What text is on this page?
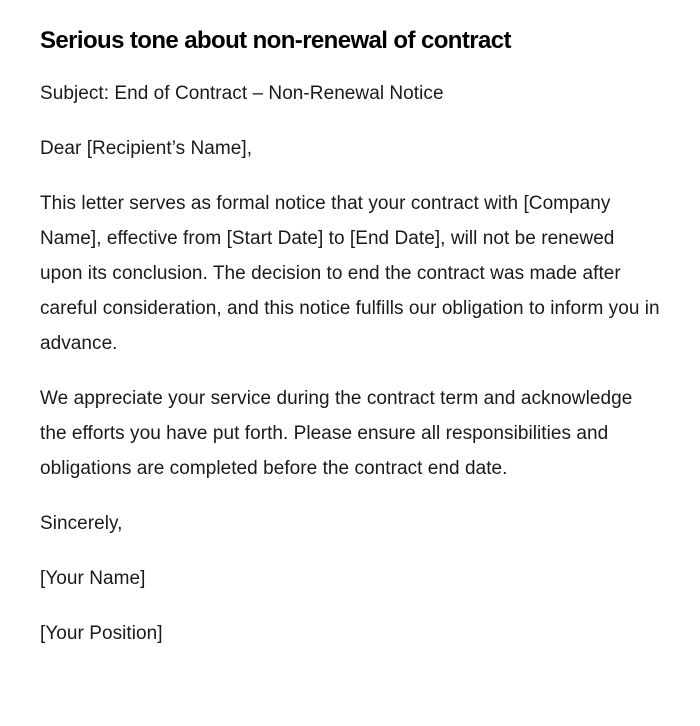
Serious tone about non-renewal of contract

Subject: End of Contract – Non-Renewal Notice

Dear [Recipient’s Name],

This letter serves as formal notice that your contract with [Company Name], effective from [Start Date] to [End Date], will not be renewed upon its conclusion. The decision to end the contract was made after careful consideration, and this notice fulfills our obligation to inform you in advance.

We appreciate your service during the contract term and acknowledge the efforts you have put forth. Please ensure all responsibilities and obligations are completed before the contract end date.

Sincerely,

[Your Name]

[Your Position]
